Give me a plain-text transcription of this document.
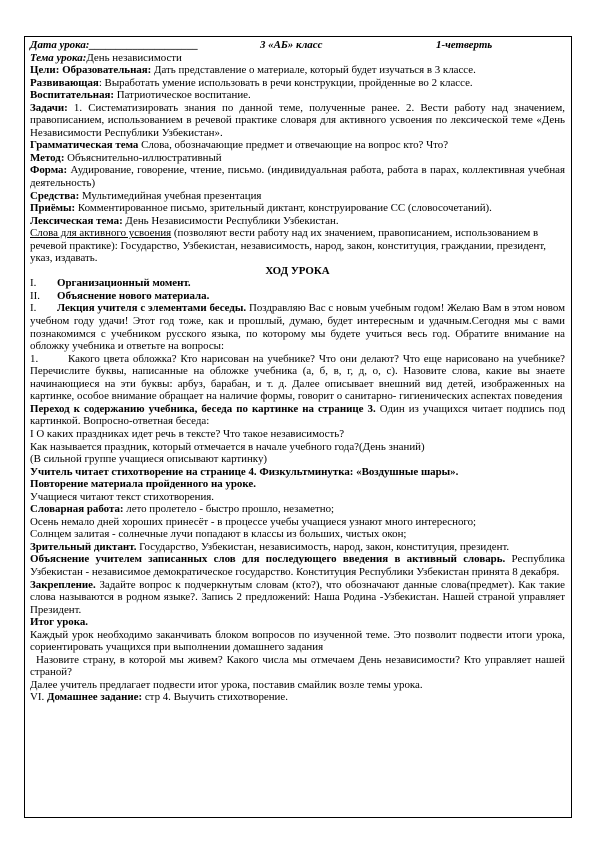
Дата урока:____________________	3 «АБ» класс	1-четверть

Тема урока:День независимости

Цели: Образовательная: Дать представление о материале, который будет изучаться в 3 классе.

Развивающая: Выработать умение использовать в речи конструкции, пройденные во 2 классе.

Воспитательная: Патриотическое воспитание.

Задачи: 1. Систематизировать знания по данной теме, полученные ранее. 2. Вести работу над значением, правописанием, использованием в речевой практике словаря для активного усвоения по лексической теме «День Независимости Республики Узбекистан».

Грамматическая тема Слова, обозначающие предмет и отвечающие на вопрос кто? Что?

Метод: Объяснительно-иллюстративный

Форма: Аудирование, говорение, чтение, письмо. (индивидуальная работа, работа в парах, коллективная учебная деятельность)

Средства: Мультимедийная учебная презентация

Приёмы: Комментированное письмо, зрительный диктант, конструирование СС (словосочетаний).

Лексическая тема: День Независимости Республики Узбекистан.

Слова для активного усвоения (позволяют вести работу над их значением, правописанием, использованием в речевой практике): Государство, Узбекистан, независимость, народ, закон, конституция, граждании, президент, указ, издавать.

ХОД УРОКА

I.	Организационный момент.
II.	Объяснение нового материала.
I.	Лекция учителя с элементами беседы. Поздравляю Вас с новым учебным годом! Желаю Вам в этом новом учебном году удачи! Этот год тоже, как и прошлый, думаю, будет интересным и удачным.Сегодня мы с вами познакомимся с учебником русского языка, по которому мы будете учиться весь год. Обратите внимание на обложку учебника и ответьте на вопросы:

1.	Какого цвета обложка? Кто нарисован на учебнике? Что они делают? Что еще нарисовано на учебнике? Перечислите буквы, написанные на обложке учебника (а, б, в, г, д, о, с). Назовите слова, какие вы знаете начинающиеся на эти буквы: арбуз, барабан, и т. д. Далее описывает внешний вид детей, изображенных на картинке, особое внимание обращает на наличие формы, говорит о санитарно- гигиенических аспектах поведения

Переход к содержанию учебника, беседа по картинке на странице 3. Один из учащихся читает подпись под картинкой. Вопросно-ответная беседа:

I О каких праздниках идет речь в тексте? Что такое независимость?

Как называется праздник, который отмечается в начале учебного года?(День знаний)

(В сильной группе учащиеся описывают картинку)

Учитель читает стихотворение на странице 4. Физкультминутка: «Воздушные шары».

Повторение материала пройденного на уроке.

Учащиеся читают текст стихотворения.

Словарная работа: лето пролетело - быстро прошло, незаметно;

Осень немало дней хороших принесёт - в процессе учебы учащиеся узнают много интересного;

Солнцем залитая - солнечные лучи попадают в классы из больших, чистых окон;

Зрительный диктант. Государство, Узбекистан, независимость, народ, закон, конституция, президент.

Объяснение учителем записанных слов для последующего введения в активный словарь. Республика Узбекистан - независимое демократическое государство. Конституция Республики Узбекистан принята 8 декабря.

Закрепление. Задайте вопрос к подчеркнутым словам (кто?), что обозначают данные слова(предмет). Как такие слова называются в родном языке?. Запись 2 предложений: Наша Родина -Узбекистан. Нашей страной управляет Президент.

Итог урока.

Каждый урок необходимо заканчивать блоком вопросов по изученной теме. Это позволит подвести итоги урока, сориентировать учащихся при выполнении домашнего задания

Назовите страну, в которой мы живем? Какого числа мы отмечаем День независимости? Кто управляет нашей страной?

Далее учитель предлагает подвести итог урока, поставив смайлик возле темы урока.

VI. Домашнее задание: стр 4. Выучить стихотворение.
